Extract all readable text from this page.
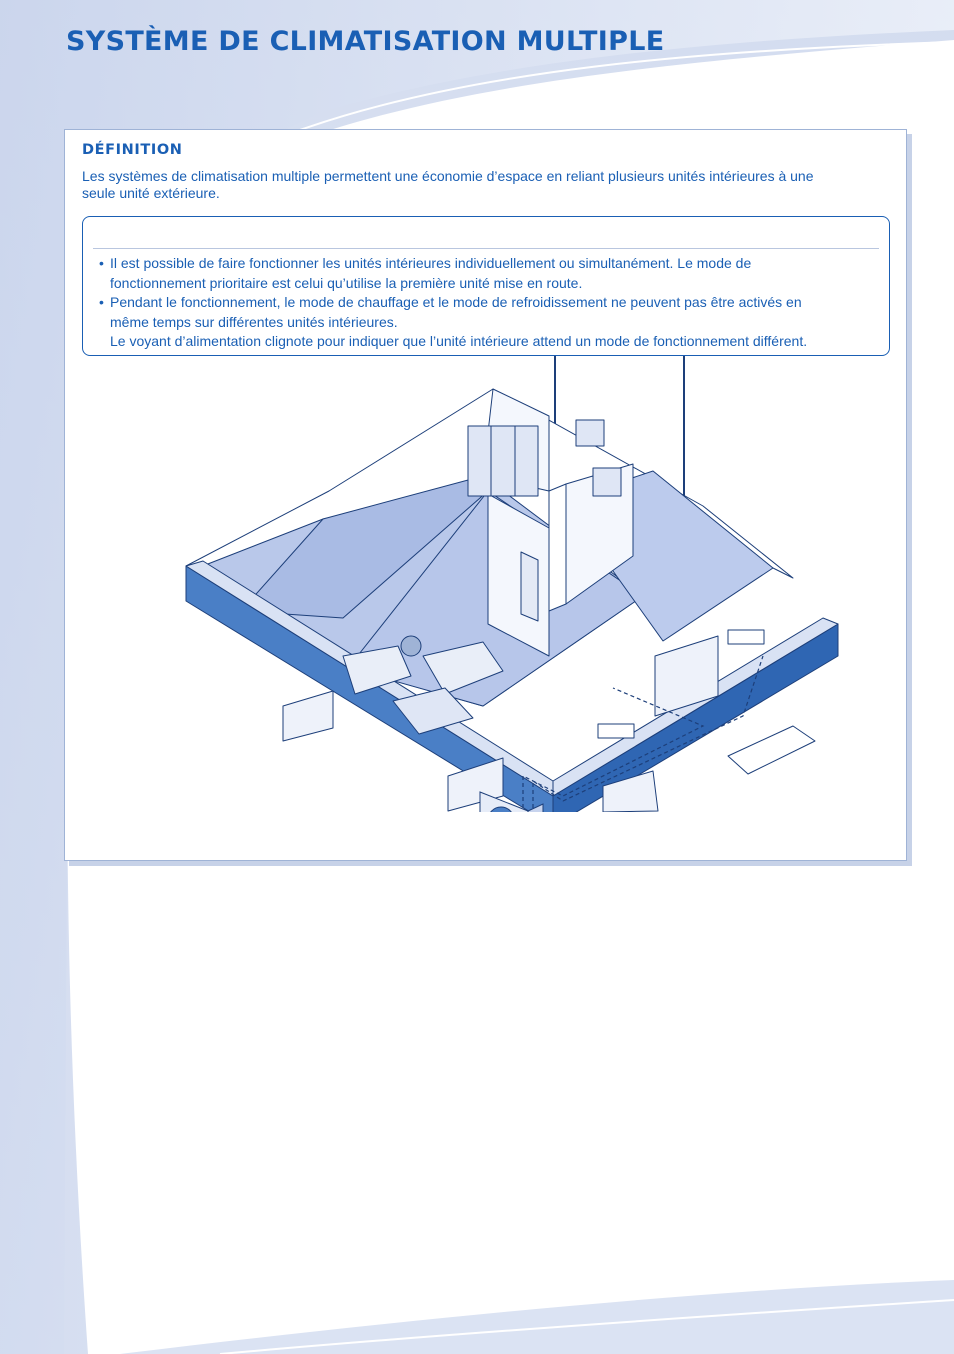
SYSTÈME DE CLIMATISATION MULTIPLE
DÉFINITION

Les systèmes de climatisation multiple permettent une économie d’espace en reliant plusieurs unités intérieures à une
seule unité extérieure.

• Il est possible de faire fonctionner les unités intérieures individuellement ou simultanément. Le mode de
fonctionnement prioritaire est celui qu’utilise la première unité mise en route.
• Pendant le fonctionnement, le mode de chauffage et le mode de refroidissement ne peuvent pas être activés en
même temps sur différentes unités intérieures.
Le voyant d’alimentation clignote pour indiquer que l’unité intérieure attend un mode de fonctionnement différent.
